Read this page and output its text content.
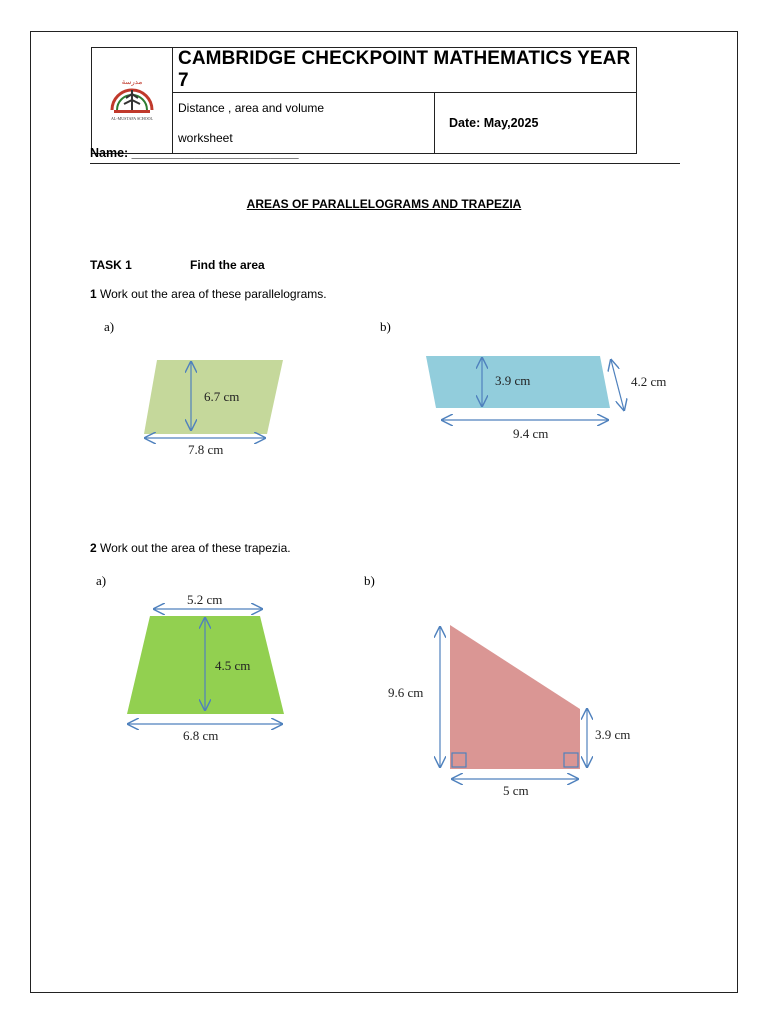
مدرسة
AL-MUSTAFA SCHOOL	CAMBRIDGE CHECKPOINT MATHEMATICS YEAR 7	

	Distance , area and volume
worksheet	Date: May,2025
Name: ________________________
AREAS OF PARALLELOGRAMS AND TRAPEZIA
TASK 1	Find the area
1 Work out the area of these parallelograms.
a)	b)
6.7 cm
7.8 cm
3.9 cm	4.2 cm
9.4 cm
2 Work out the area of these trapezia.
a)	b)
5.2 cm
4.5 cm
6.8 cm
9.6 cm
3.9 cm
5 cm
